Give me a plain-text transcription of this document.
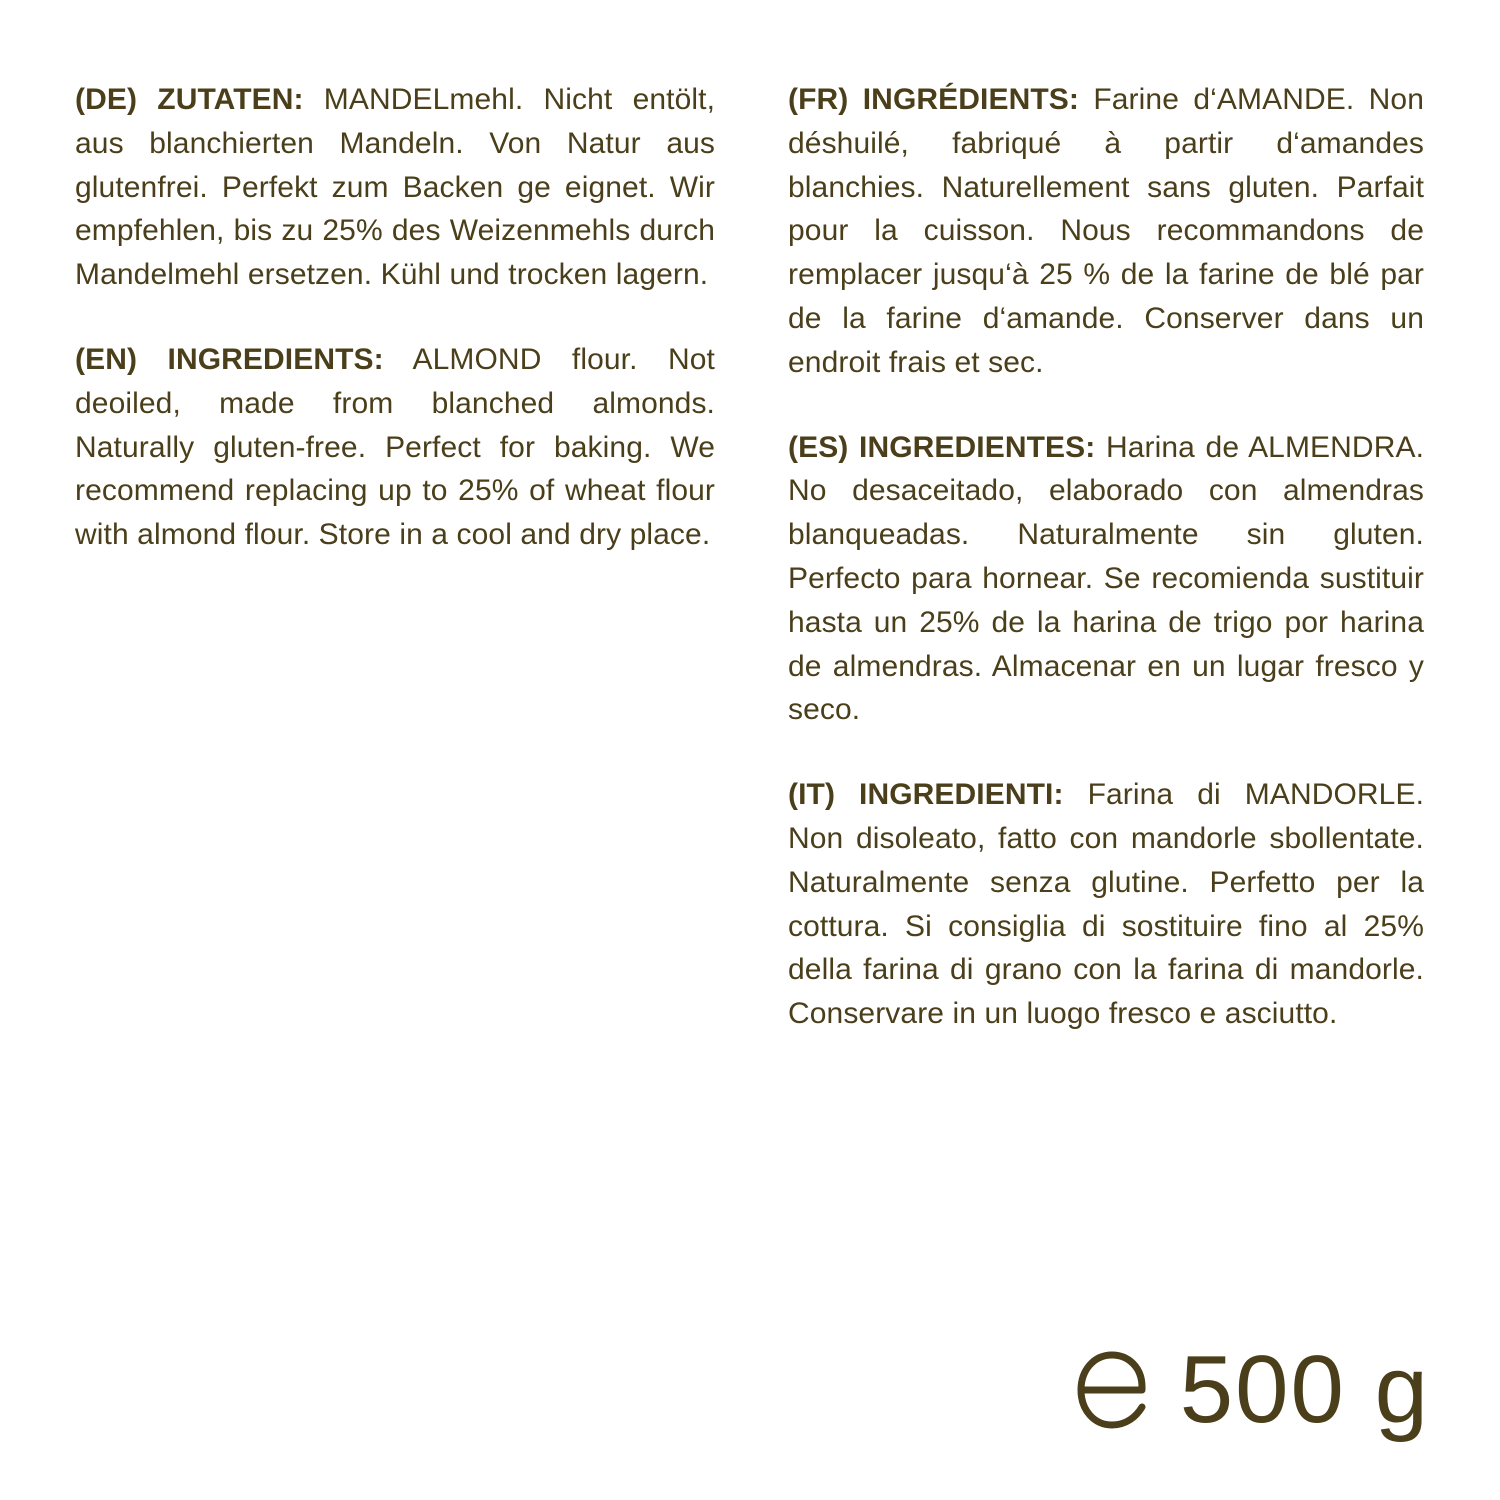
(DE) ZUTATEN: MANDELmehl. Nicht entölt, aus blanchierten Mandeln. Von Natur aus glutenfrei. Perfekt zum Backen ge eignet. Wir empfehlen, bis zu 25% des Weizenmehls durch Mandelmehl ersetzen. Kühl und trocken lagern.

(EN) INGREDIENTS: ALMOND flour. Not deoiled, made from blanched almonds. Naturally gluten-free. Perfect for baking. We recommend replacing up to 25% of wheat flour with almond flour. Store in a cool and dry place.

(FR) INGRÉDIENTS: Farine d‘AMANDE. Non déshuilé, fabriqué à partir d‘amandes blanchies. Naturellement sans gluten. Parfait pour la cuisson. Nous recommandons de remplacer jusqu‘à 25 % de la farine de blé par de la farine d‘amande. Conserver dans un endroit frais et sec.

(ES) INGREDIENTES: Harina de ALMENDRA. No desaceitado, elaborado con almendras blanqueadas. Naturalmente sin gluten. Perfecto para hornear. Se recomienda sustituir hasta un 25% de la harina de trigo por harina de almendras. Almacenar en un lugar fresco y seco.

(IT) INGREDIENTI: Farina di MANDORLE. Non disoleato, fatto con mandorle sbollentate. Naturalmente senza glutine. Perfetto per la cottura. Si consiglia di sostituire fino al 25% della farina di grano con la farina di mandorle. Conservare in un luogo fresco e asciutto.

500 g
